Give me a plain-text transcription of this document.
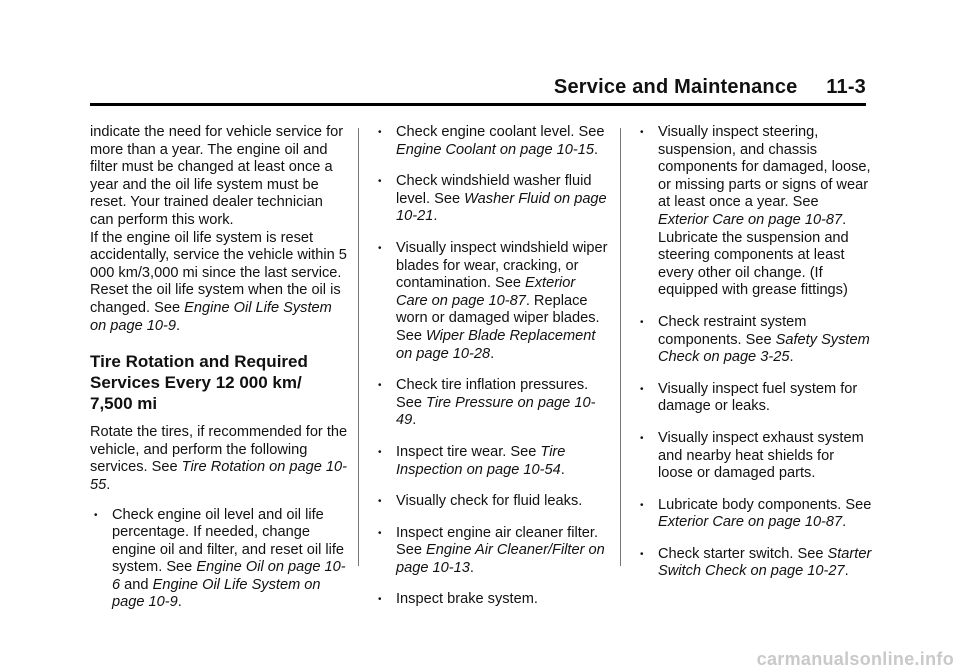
Service and Maintenance     11-3

indicate the need for vehicle service for more than a year. The engine oil and filter must be changed at least once a year and the oil life system must be reset. Your trained dealer technician can perform this work.

If the engine oil life system is reset accidentally, service the vehicle within 5 000 km/3,000 mi since the last service. Reset the oil life system when the oil is changed. See Engine Oil Life System on page 10-9.

Tire Rotation and Required Services Every 12 000 km/ 7,500 mi

Rotate the tires, if recommended for the vehicle, and perform the following services. See Tire Rotation on page 10-55.

• Check engine oil level and oil life percentage. If needed, change engine oil and filter, and reset oil life system. See Engine Oil on page 10-6 and Engine Oil Life System on page 10-9.
• Check engine coolant level. See Engine Coolant on page 10-15.
• Check windshield washer fluid level. See Washer Fluid on page 10-21.
• Visually inspect windshield wiper blades for wear, cracking, or contamination. See Exterior Care on page 10-87. Replace worn or damaged wiper blades. See Wiper Blade Replacement on page 10-28.
• Check tire inflation pressures. See Tire Pressure on page 10-49.
• Inspect tire wear. See Tire Inspection on page 10-54.
• Visually check for fluid leaks.
• Inspect engine air cleaner filter. See Engine Air Cleaner/Filter on page 10-13.
• Inspect brake system.
• Visually inspect steering, suspension, and chassis components for damaged, loose, or missing parts or signs of wear at least once a year. See Exterior Care on page 10-87. Lubricate the suspension and steering components at least every other oil change. (If equipped with grease fittings)
• Check restraint system components. See Safety System Check on page 3-25.
• Visually inspect fuel system for damage or leaks.
• Visually inspect exhaust system and nearby heat shields for loose or damaged parts.
• Lubricate body components. See Exterior Care on page 10-87.
• Check starter switch. See Starter Switch Check on page 10-27.
carmanualsonline.info
